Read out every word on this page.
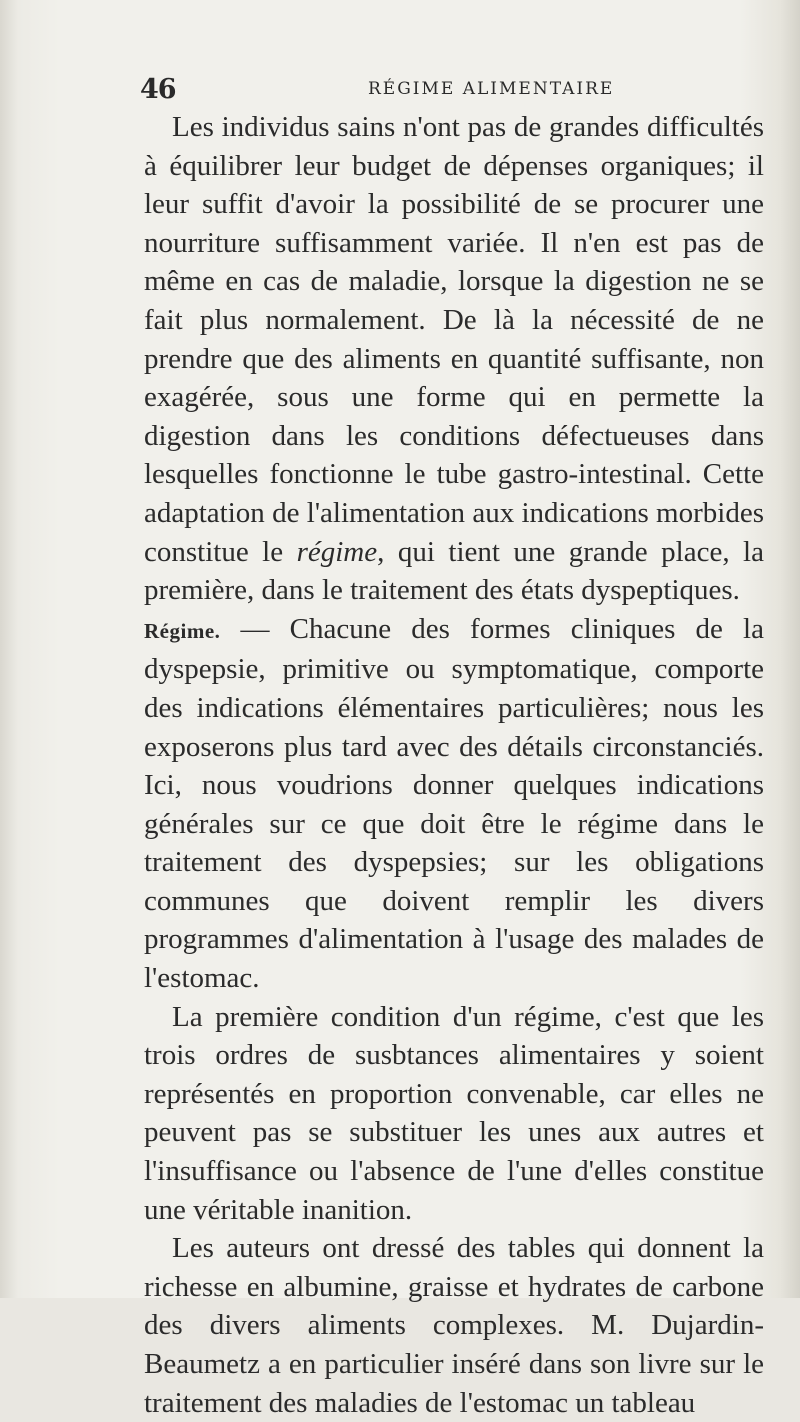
46	RÉGIME ALIMENTAIRE

Les individus sains n'ont pas de grandes difficultés à équilibrer leur budget de dépenses organiques; il leur suffit d'avoir la possibilité de se procurer une nourriture suffisamment variée. Il n'en est pas de même en cas de maladie, lorsque la digestion ne se fait plus normalement. De là la nécessité de ne prendre que des aliments en quantité suffisante, non exagérée, sous une forme qui en permette la digestion dans les conditions défectueuses dans lesquelles fonctionne le tube gastro-intestinal. Cette adaptation de l'alimentation aux indications morbides constitue le régime, qui tient une grande place, la première, dans le traitement des états dyspeptiques.

Régime. — Chacune des formes cliniques de la dyspepsie, primitive ou symptomatique, comporte des indications élémentaires particulières; nous les exposerons plus tard avec des détails circonstanciés. Ici, nous voudrions donner quelques indications générales sur ce que doit être le régime dans le traitement des dyspepsies; sur les obligations communes que doivent remplir les divers programmes d'alimentation à l'usage des malades de l'estomac.

La première condition d'un régime, c'est que les trois ordres de susbtances alimentaires y soient représentés en proportion convenable, car elles ne peuvent pas se substituer les unes aux autres et l'insuffisance ou l'absence de l'une d'elles constitue une véritable inanition.

Les auteurs ont dressé des tables qui donnent la richesse en albumine, graisse et hydrates de carbone des divers aliments complexes. M. Dujardin-Beaumetz a en particulier inséré dans son livre sur le traitement des maladies de l'estomac un tableau
